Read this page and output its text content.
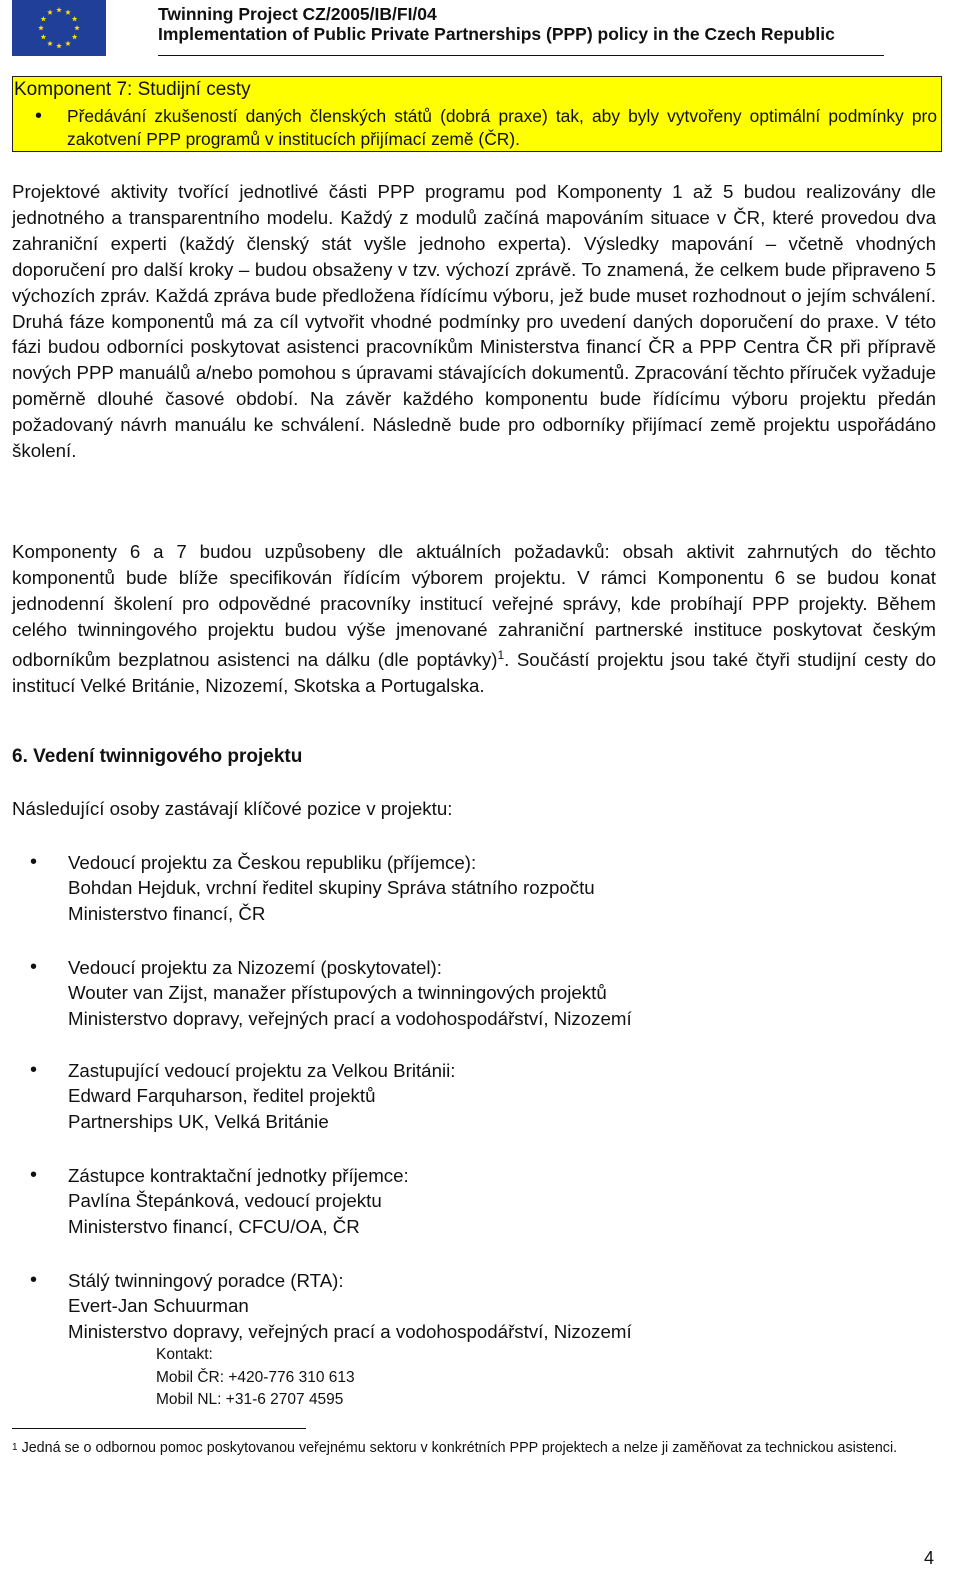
Twinning Project CZ/2005/IB/FI/04
Implementation of Public Private Partnerships (PPP) policy in the Czech Republic
Komponent 7: Studijní cesty
• Předávání zkušeností daných členských států (dobrá praxe) tak, aby byly vytvořeny optimální podmínky pro zakotvení PPP programů v institucích přijímací země (ČR).
Projektové aktivity tvořící jednotlivé části PPP programu pod Komponenty 1 až 5 budou realizovány dle jednotného a transparentního modelu. Každý z modulů začíná mapováním situace v ČR, které provedou dva zahraniční experti (každý členský stát vyšle jednoho experta). Výsledky mapování – včetně vhodných doporučení pro další kroky – budou obsaženy v tzv. výchozí zprávě. To znamená, že celkem bude připraveno 5 výchozích zpráv. Každá zpráva bude předložena řídícímu výboru, jež bude muset rozhodnout o jejím schválení. Druhá fáze komponentů má za cíl vytvořit vhodné podmínky pro uvedení daných doporučení do praxe. V této fázi budou odborníci poskytovat asistenci pracovníkům Ministerstva financí ČR a PPP Centra ČR při přípravě nových PPP manuálů a/nebo pomohou s úpravami stávajících dokumentů. Zpracování těchto příruček vyžaduje poměrně dlouhé časové období. Na závěr každého komponentu bude řídícímu výboru projektu předán požadovaný návrh manuálu ke schválení. Následně bude pro odborníky přijímací země projektu uspořádáno školení.
Komponenty 6 a 7 budou uzpůsobeny dle aktuálních požadavků: obsah aktivit zahrnutých do těchto komponentů bude blíže specifikován řídícím výborem projektu. V rámci Komponentu 6 se budou konat jednodenní školení pro odpovědné pracovníky institucí veřejné správy, kde probíhají PPP projekty. Během celého twinningového projektu budou výše jmenované zahraniční partnerské instituce poskytovat českým odborníkům bezplatnou asistenci na dálku (dle poptávky)$^1$. Součástí projektu jsou také čtyři studijní cesty do institucí Velké Británie, Nizozemí, Skotska a Portugalska.
6. Vedení twinnigového projektu
Následující osoby zastávají klíčové pozice v projektu:
• Vedoucí projektu za Českou republiku (příjemce):
Bohdan Hejduk, vrchní ředitel skupiny Správa státního rozpočtu
Ministerstvo financí, ČR
• Vedoucí projektu za Nizozemí (poskytovatel):
Wouter van Zijst, manažer přístupových a twinningových projektů
Ministerstvo dopravy, veřejných prací a vodohospodářství, Nizozemí
• Zastupující vedoucí projektu za Velkou Británii:
Edward Farquharson, ředitel projektů
Partnerships UK, Velká Británie
• Zástupce kontraktační jednotky příjemce:
Pavlína Štepánková, vedoucí projektu
Ministerstvo financí, CFCU/OA, ČR
• Stálý twinningový poradce (RTA):
Evert-Jan Schuurman
Ministerstvo dopravy, veřejných prací a vodohospodářství, Nizozemí
Kontakt:
Mobil ČR: +420-776 310 613
Mobil NL: +31-6 2707 4595
$^1$ Jedná se o odbornou pomoc poskytovanou veřejnému sektoru v konkrétních PPP projektech a nelze ji zaměňovat za technickou asistenci.
4
